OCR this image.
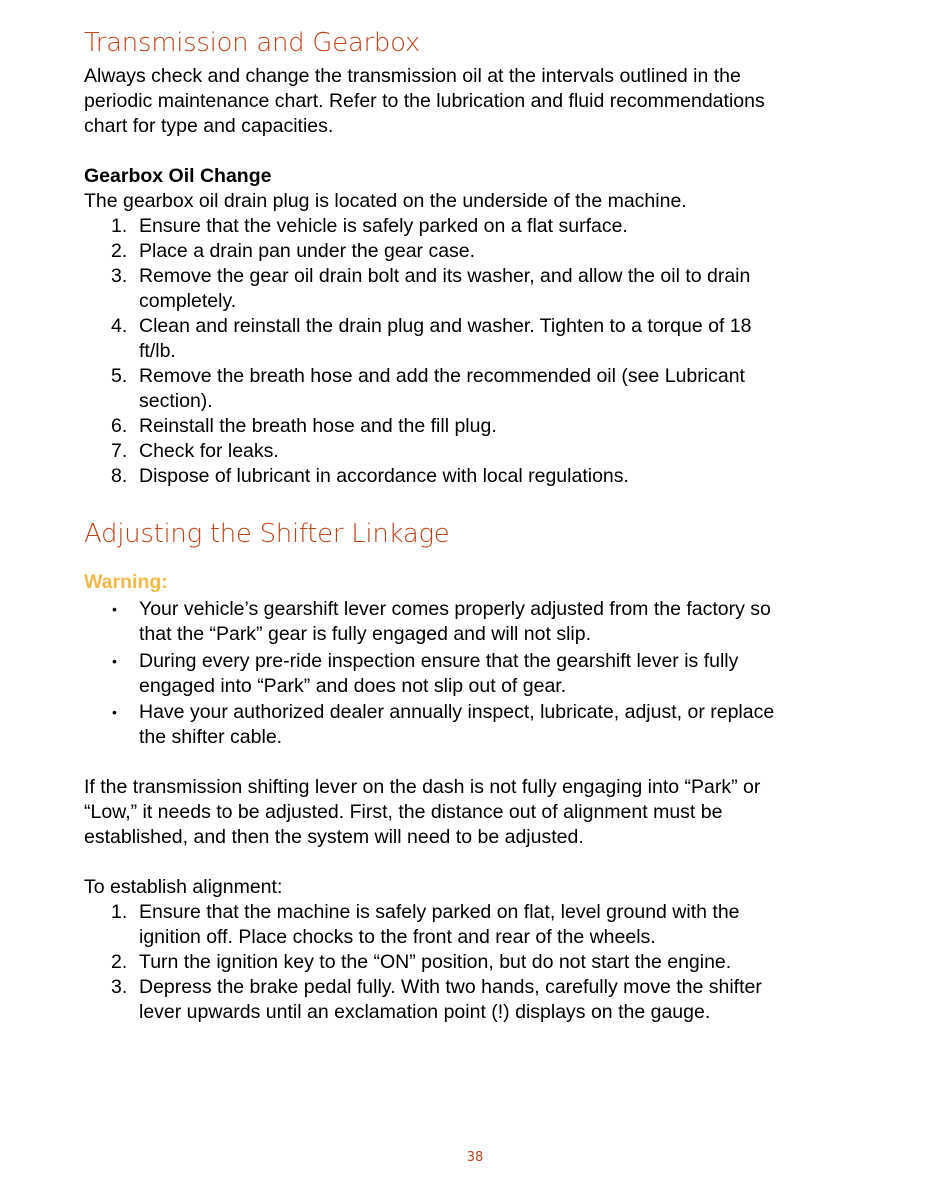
Transmission and Gearbox
Always check and change the transmission oil at the intervals outlined in the
periodic maintenance chart. Refer to the lubrication and fluid recommendations
chart for type and capacities.
Gearbox Oil Change
The gearbox oil drain plug is located on the underside of the machine.
1. Ensure that the vehicle is safely parked on a flat surface.
2. Place a drain pan under the gear case.
3. Remove the gear oil drain bolt and its washer, and allow the oil to drain
completely.
4. Clean and reinstall the drain plug and washer. Tighten to a torque of 18
ft/lb.
5. Remove the breath hose and add the recommended oil (see Lubricant
section).
6. Reinstall the breath hose and the fill plug.
7. Check for leaks.
8. Dispose of lubricant in accordance with local regulations.
Adjusting the Shifter Linkage
Warning:
• Your vehicle’s gearshift lever comes properly adjusted from the factory so
that the “Park” gear is fully engaged and will not slip.
• During every pre-ride inspection ensure that the gearshift lever is fully
engaged into “Park” and does not slip out of gear.
• Have your authorized dealer annually inspect, lubricate, adjust, or replace
the shifter cable.
If the transmission shifting lever on the dash is not fully engaging into “Park” or
“Low,” it needs to be adjusted. First, the distance out of alignment must be
established, and then the system will need to be adjusted.
To establish alignment:
1. Ensure that the machine is safely parked on flat, level ground with the
ignition off. Place chocks to the front and rear of the wheels.
2. Turn the ignition key to the “ON” position, but do not start the engine.
3. Depress the brake pedal fully. With two hands, carefully move the shifter
lever upwards until an exclamation point (!) displays on the gauge.
38
